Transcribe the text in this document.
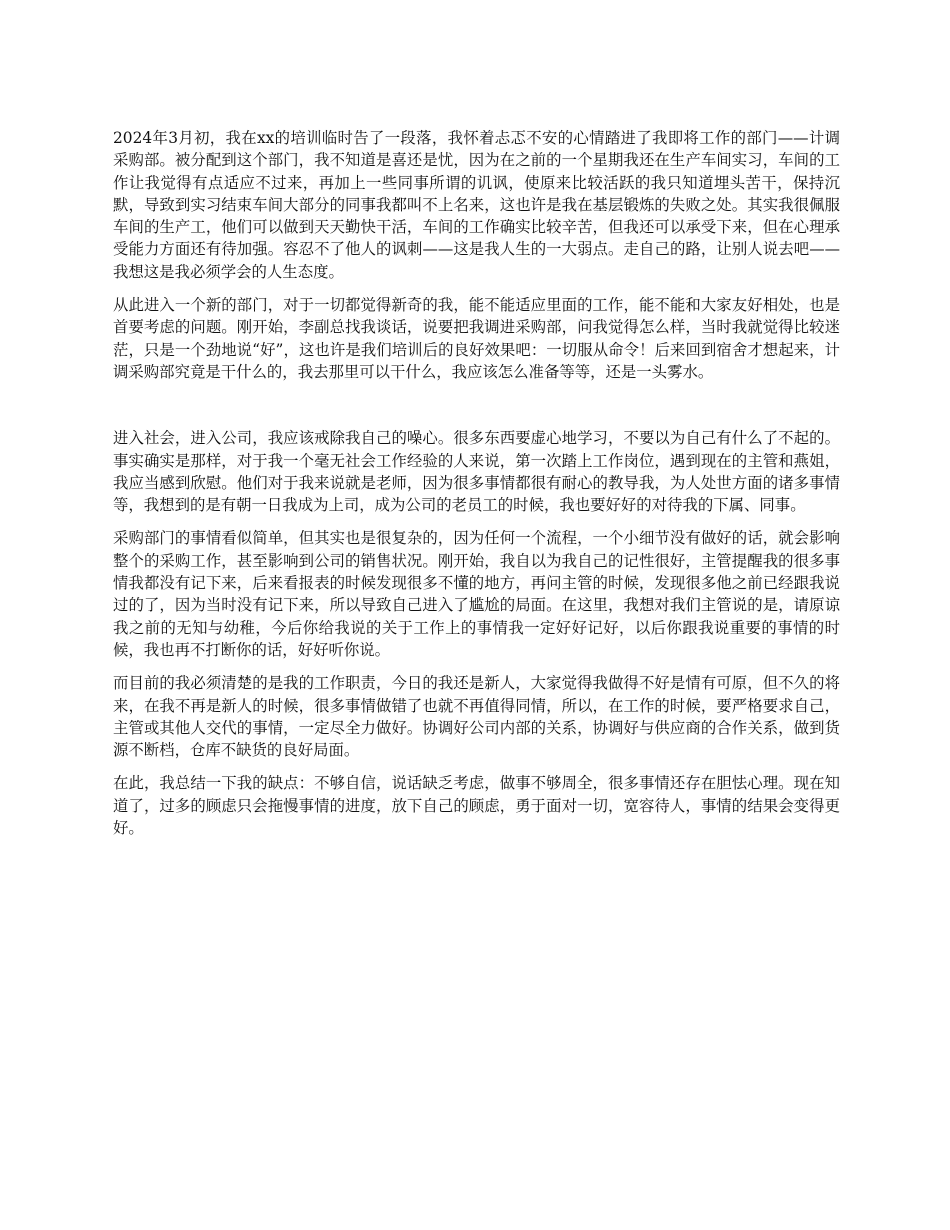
2024年3月初，我在xx的培训临时告了一段落，我怀着忐忑不安的心情踏进了我即将工作的部门——计调采购部。被分配到这个部门，我不知道是喜还是忧，因为在之前的一个星期我还在生产车间实习，车间的工作让我觉得有点适应不过来，再加上一些同事所谓的讥讽，使原来比较活跃的我只知道埋头苦干，保持沉默，导致到实习结束车间大部分的同事我都叫不上名来，这也许是我在基层锻炼的失败之处。其实我很佩服车间的生产工，他们可以做到天天勤快干活，车间的工作确实比较辛苦，但我还可以承受下来，但在心理承受能力方面还有待加强。容忍不了他人的讽刺——这是我人生的一大弱点。走自己的路，让别人说去吧——我想这是我必须学会的人生态度。

从此进入一个新的部门，对于一切都觉得新奇的我，能不能适应里面的工作，能不能和大家友好相处，也是首要考虑的问题。刚开始，李副总找我谈话，说要把我调进采购部，问我觉得怎么样，当时我就觉得比较迷茫，只是一个劲地说“好”，这也许是我们培训后的良好效果吧：一切服从命令！后来回到宿舍才想起来，计调采购部究竟是干什么的，我去那里可以干什么，我应该怎么准备等等，还是一头雾水。

进入社会，进入公司，我应该戒除我自己的噪心。很多东西要虚心地学习，不要以为自己有什么了不起的。事实确实是那样，对于我一个毫无社会工作经验的人来说，第一次踏上工作岗位，遇到现在的主管和燕姐，我应当感到欣慰。他们对于我来说就是老师，因为很多事情都很有耐心的教导我，为人处世方面的诸多事情等，我想到的是有朝一日我成为上司，成为公司的老员工的时候，我也要好好的对待我的下属、同事。

采购部门的事情看似简单，但其实也是很复杂的，因为任何一个流程，一个小细节没有做好的话，就会影响整个的采购工作，甚至影响到公司的销售状况。刚开始，我自以为我自己的记性很好，主管提醒我的很多事情我都没有记下来，后来看报表的时候发现很多不懂的地方，再问主管的时候，发现很多他之前已经跟我说过的了，因为当时没有记下来，所以导致自己进入了尴尬的局面。在这里，我想对我们主管说的是，请原谅我之前的无知与幼稚，今后你给我说的关于工作上的事情我一定好好记好，以后你跟我说重要的事情的时候，我也再不打断你的话，好好听你说。

而目前的我必须清楚的是我的工作职责，今日的我还是新人，大家觉得我做得不好是情有可原，但不久的将来，在我不再是新人的时候，很多事情做错了也就不再值得同情，所以，在工作的时候，要严格要求自己，主管或其他人交代的事情，一定尽全力做好。协调好公司内部的关系，协调好与供应商的合作关系，做到货源不断档，仓库不缺货的良好局面。

在此，我总结一下我的缺点：不够自信，说话缺乏考虑，做事不够周全，很多事情还存在胆怯心理。现在知道了，过多的顾虑只会拖慢事情的进度，放下自己的顾虑，勇于面对一切，宽容待人，事情的结果会变得更好。
